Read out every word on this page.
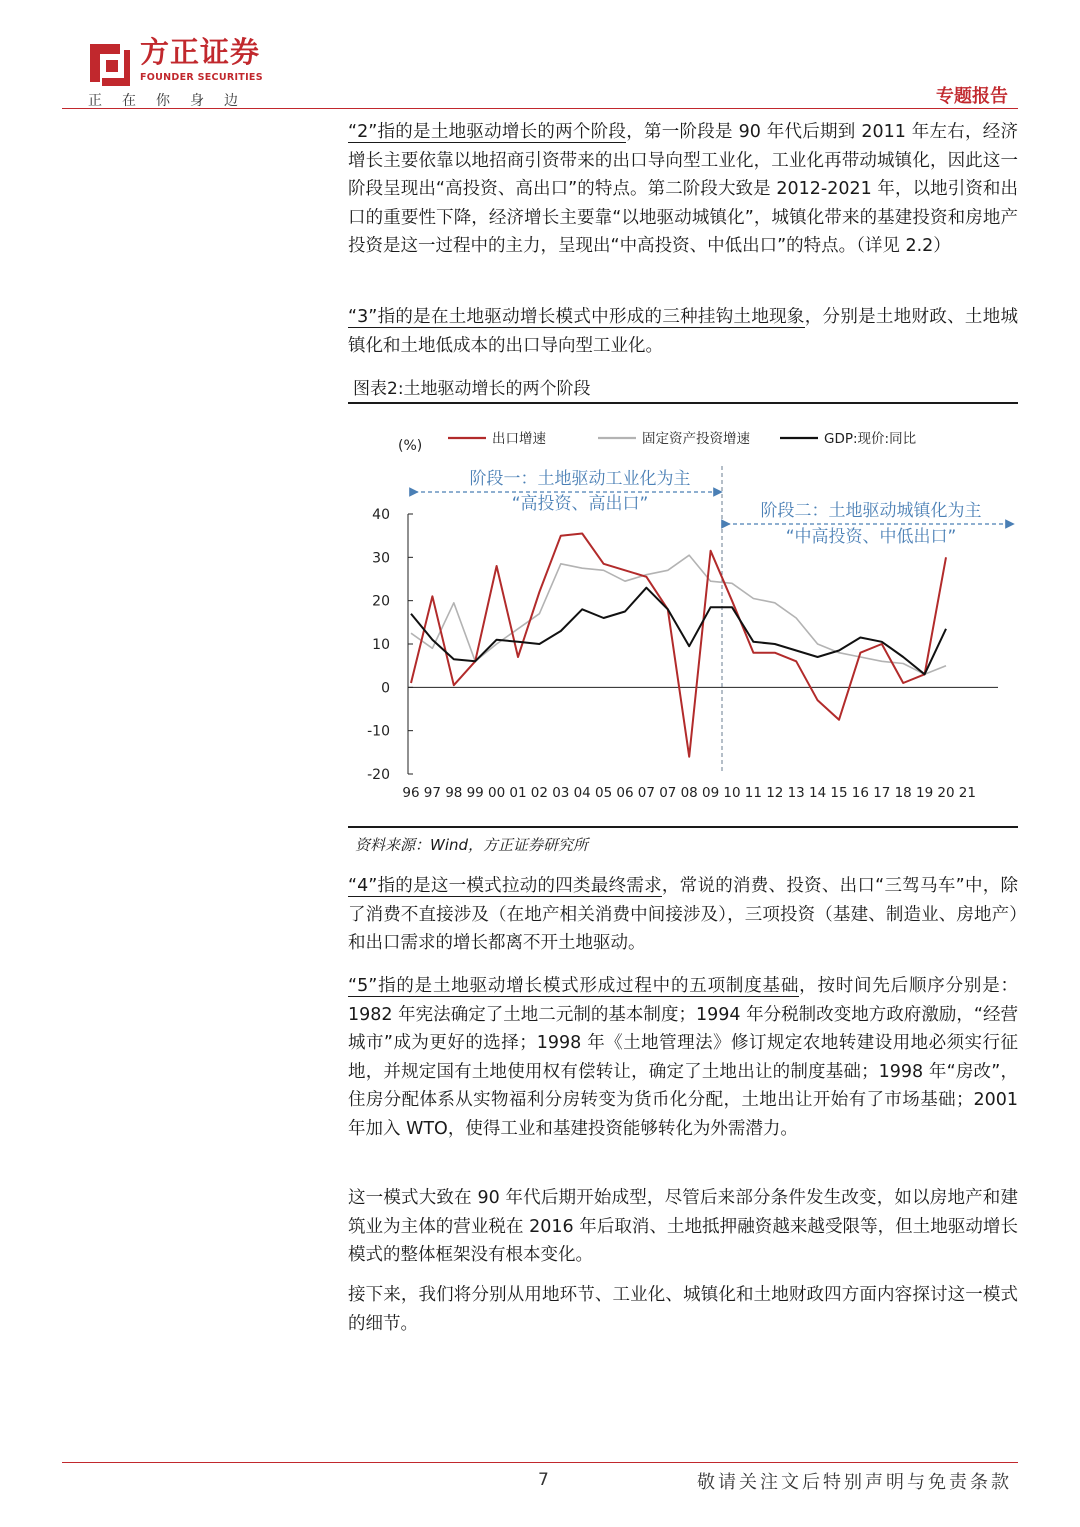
方正证券
FOUNDER SECURITIES
正在你身边	专题报告

“2”指的是土地驱动增长的两个阶段，第一阶段是 90 年代后期到 2011 年左右，经济增长主要依靠以地招商引资带来的出口导向型工业化，工业化再带动城镇化，因此这一阶段呈现出“高投资、高出口”的特点。第二阶段大致是 2012-2021 年，以地引资和出口的重要性下降，经济增长主要靠“以地驱动城镇化”，城镇化带来的基建投资和房地产投资是这一过程中的主力，呈现出“中高投资、中低出口”的特点。（详见 2.2）

“3”指的是在土地驱动增长模式中形成的三种挂钩土地现象，分别是土地财政、土地城镇化和土地低成本的出口导向型工业化。

图表2:土地驱动增长的两个阶段
出口增速	固定资产投资增速	GDP:现价:同比
(%)
阶段一：土地驱动工业化为主
“高投资、高出口”	阶段二：土地驱动城镇化为主
“中高投资、中低出口”
40
30
20
10
0
-10
-20
96 97 98 99 00 01 02 03 04 05 06 07 07 08 09 10 11 12 13 14 15 16 17 18 19 20 21
资料来源：Wind，方正证券研究所

“4”指的是这一模式拉动的四类最终需求，常说的消费、投资、出口“三驾马车”中，除了消费不直接涉及（在地产相关消费中间接涉及），三项投资（基建、制造业、房地产）和出口需求的增长都离不开土地驱动。

“5”指的是土地驱动增长模式形成过程中的五项制度基础，按时间先后顺序分别是：1982 年宪法确定了土地二元制的基本制度；1994 年分税制改变地方政府激励，“经营城市”成为更好的选择；1998 年《土地管理法》修订规定农地转建设用地必须实行征地，并规定国有土地使用权有偿转让，确定了土地出让的制度基础；1998 年“房改”，住房分配体系从实物福利分房转变为货币化分配，土地出让开始有了市场基础；2001 年加入 WTO，使得工业和基建投资能够转化为外需潜力。

这一模式大致在 90 年代后期开始成型，尽管后来部分条件发生改变，如以房地产和建筑业为主体的营业税在 2016 年后取消、土地抵押融资越来越受限等，但土地驱动增长模式的整体框架没有根本变化。

接下来，我们将分别从用地环节、工业化、城镇化和土地财政四方面内容探讨这一模式的细节。

7	敬请关注文后特别声明与免责条款
